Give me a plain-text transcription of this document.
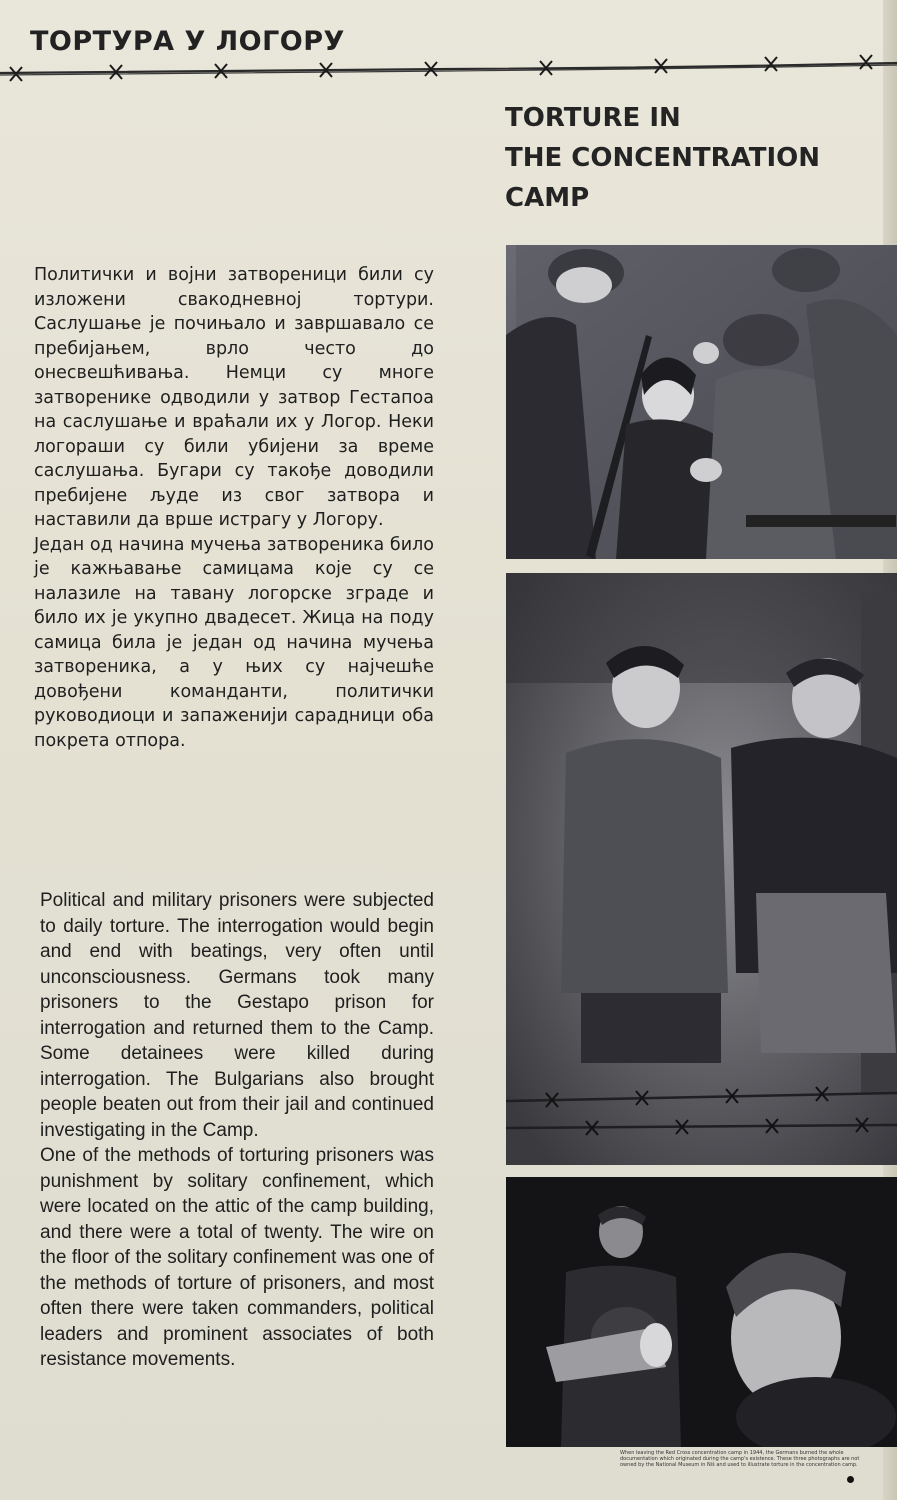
ТОРТУРА У ЛОГОРУ
TORTURE IN
THE CONCENTRATION CAMP

Политички и војни затвореници били су изложени свакодневној тортури. Саслушање је почињало и завршавало се пребијањем, врло често до онесвешћивања. Немци су многе затворенике одводили у затвор Гестапоа на саслушање и враћали их у Логор. Неки логораши су били убијени за време саслушања. Бугари су такође доводили пребијене људе из свог затвора и наставили да врше истрагу у Логору.

Један од начина мучења затвореника било је кажњавање самицама које су се налазиле на тавану логорске зграде и било их је укупно двадесет. Жица на поду самица била је један од начина мучења затвореника, а у њих су најчешће довођени команданти, политички руководиоци и запаженији сарадници оба покрета отпора.

Political and military prisoners were subjected to daily torture. The interrogation would begin and end with beatings, very often until unconsciousness. Germans took many prisoners to the Gestapo prison for interrogation and returned them to the Camp. Some detainees were killed during interrogation. The Bulgarians also brought people beaten out from their jail and continued investigating in the Camp.

One of the methods of torturing prisoners was punishment by solitary confinement, which were located on the attic of the camp building, and there were a total of twenty. The wire on the floor of the solitary confinement was one of the methods of torture of prisoners, and most often there were taken commanders, political leaders and prominent associates of both resistance movements.

When leaving the Red Cross concentration camp in 1944, the Germans burned the whole documentation which originated during the camp's existence. These three photographs are not owned by the National Museum in Niš and used to illustrate torture in the concentration camp.
